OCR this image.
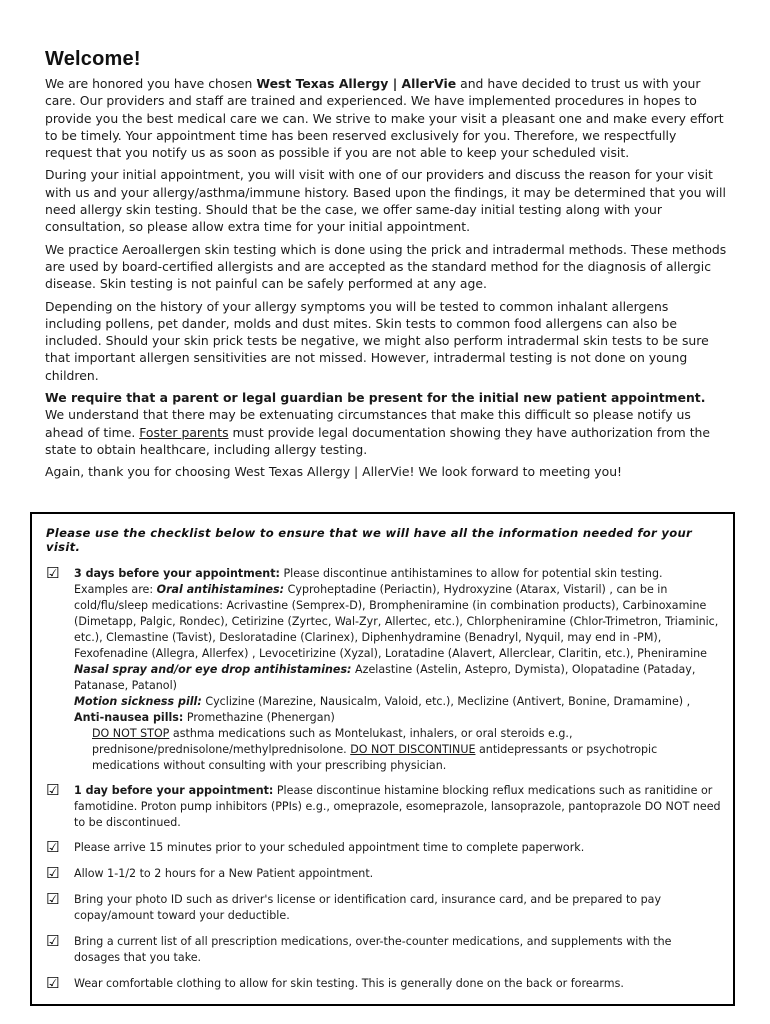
Welcome!

We are honored you have chosen West Texas Allergy | AllerVie and have decided to trust us with your care. Our providers and staff are trained and experienced. We have implemented procedures in hopes to provide you the best medical care we can. We strive to make your visit a pleasant one and make every effort to be timely. Your appointment time has been reserved exclusively for you. Therefore, we respectfully request that you notify us as soon as possible if you are not able to keep your scheduled visit.

During your initial appointment, you will visit with one of our providers and discuss the reason for your visit with us and your allergy/asthma/immune history. Based upon the findings, it may be determined that you will need allergy skin testing. Should that be the case, we offer same-day initial testing along with your consultation, so please allow extra time for your initial appointment.

We practice Aeroallergen skin testing which is done using the prick and intradermal methods. These methods are used by board-certified allergists and are accepted as the standard method for the diagnosis of allergic disease. Skin testing is not painful can be safely performed at any age.

Depending on the history of your allergy symptoms you will be tested to common inhalant allergens including pollens, pet dander, molds and dust mites. Skin tests to common food allergens can also be included. Should your skin prick tests be negative, we might also perform intradermal skin tests to be sure that important allergen sensitivities are not missed. However, intradermal testing is not done on young children.

We require that a parent or legal guardian be present for the initial new patient appointment. We understand that there may be extenuating circumstances that make this difficult so please notify us ahead of time. Foster parents must provide legal documentation showing they have authorization from the state to obtain healthcare, including allergy testing.

Again, thank you for choosing West Texas Allergy | AllerVie! We look forward to meeting you!

Please use the checklist below to ensure that we will have all the information needed for your visit.
☑ 3 days before your appointment: Please discontinue antihistamines to allow for potential skin testing.
Examples are: Oral antihistamines: Cyproheptadine (Periactin), Hydroxyzine (Atarax, Vistaril) , can be in cold/flu/sleep medications: Acrivastine (Semprex-D), Brompheniramine (in combination products), Carbinoxamine (Dimetapp, Palgic, Rondec), Cetirizine (Zyrtec, Wal-Zyr, Allertec, etc.), Chlorpheniramine (Chlor-Trimetron, Triaminic, etc.), Clemastine (Tavist), Desloratadine (Clarinex), Diphenhydramine (Benadryl, Nyquil, may end in -PM), Fexofenadine (Allegra, Allerfex) , Levocetirizine (Xyzal), Loratadine (Alavert, Allerclear, Claritin, etc.), Pheniramine
Nasal spray and/or eye drop antihistamines: Azelastine (Astelin, Astepro, Dymista), Olopatadine (Pataday, Patanase, Patanol)
Motion sickness pill: Cyclizine (Marezine, Nausicalm, Valoid, etc.), Meclizine (Antivert, Bonine, Dramamine) ,
Anti-nausea pills: Promethazine (Phenergan)
DO NOT STOP asthma medications such as Montelukast, inhalers, or oral steroids e.g., prednisone/prednisolone/methylprednisolone. DO NOT DISCONTINUE antidepressants or psychotropic medications without consulting with your prescribing physician.
☑ 1 day before your appointment: Please discontinue histamine blocking reflux medications such as ranitidine or famotidine. Proton pump inhibitors (PPIs) e.g., omeprazole, esomeprazole, lansoprazole, pantoprazole DO NOT need to be discontinued.
☑ Please arrive 15 minutes prior to your scheduled appointment time to complete paperwork.
☑ Allow 1-1/2 to 2 hours for a New Patient appointment.
☑ Bring your photo ID such as driver's license or identification card, insurance card, and be prepared to pay copay/amount toward your deductible.
☑ Bring a current list of all prescription medications, over-the-counter medications, and supplements with the dosages that you take.
☑ Wear comfortable clothing to allow for skin testing. This is generally done on the back or forearms.
